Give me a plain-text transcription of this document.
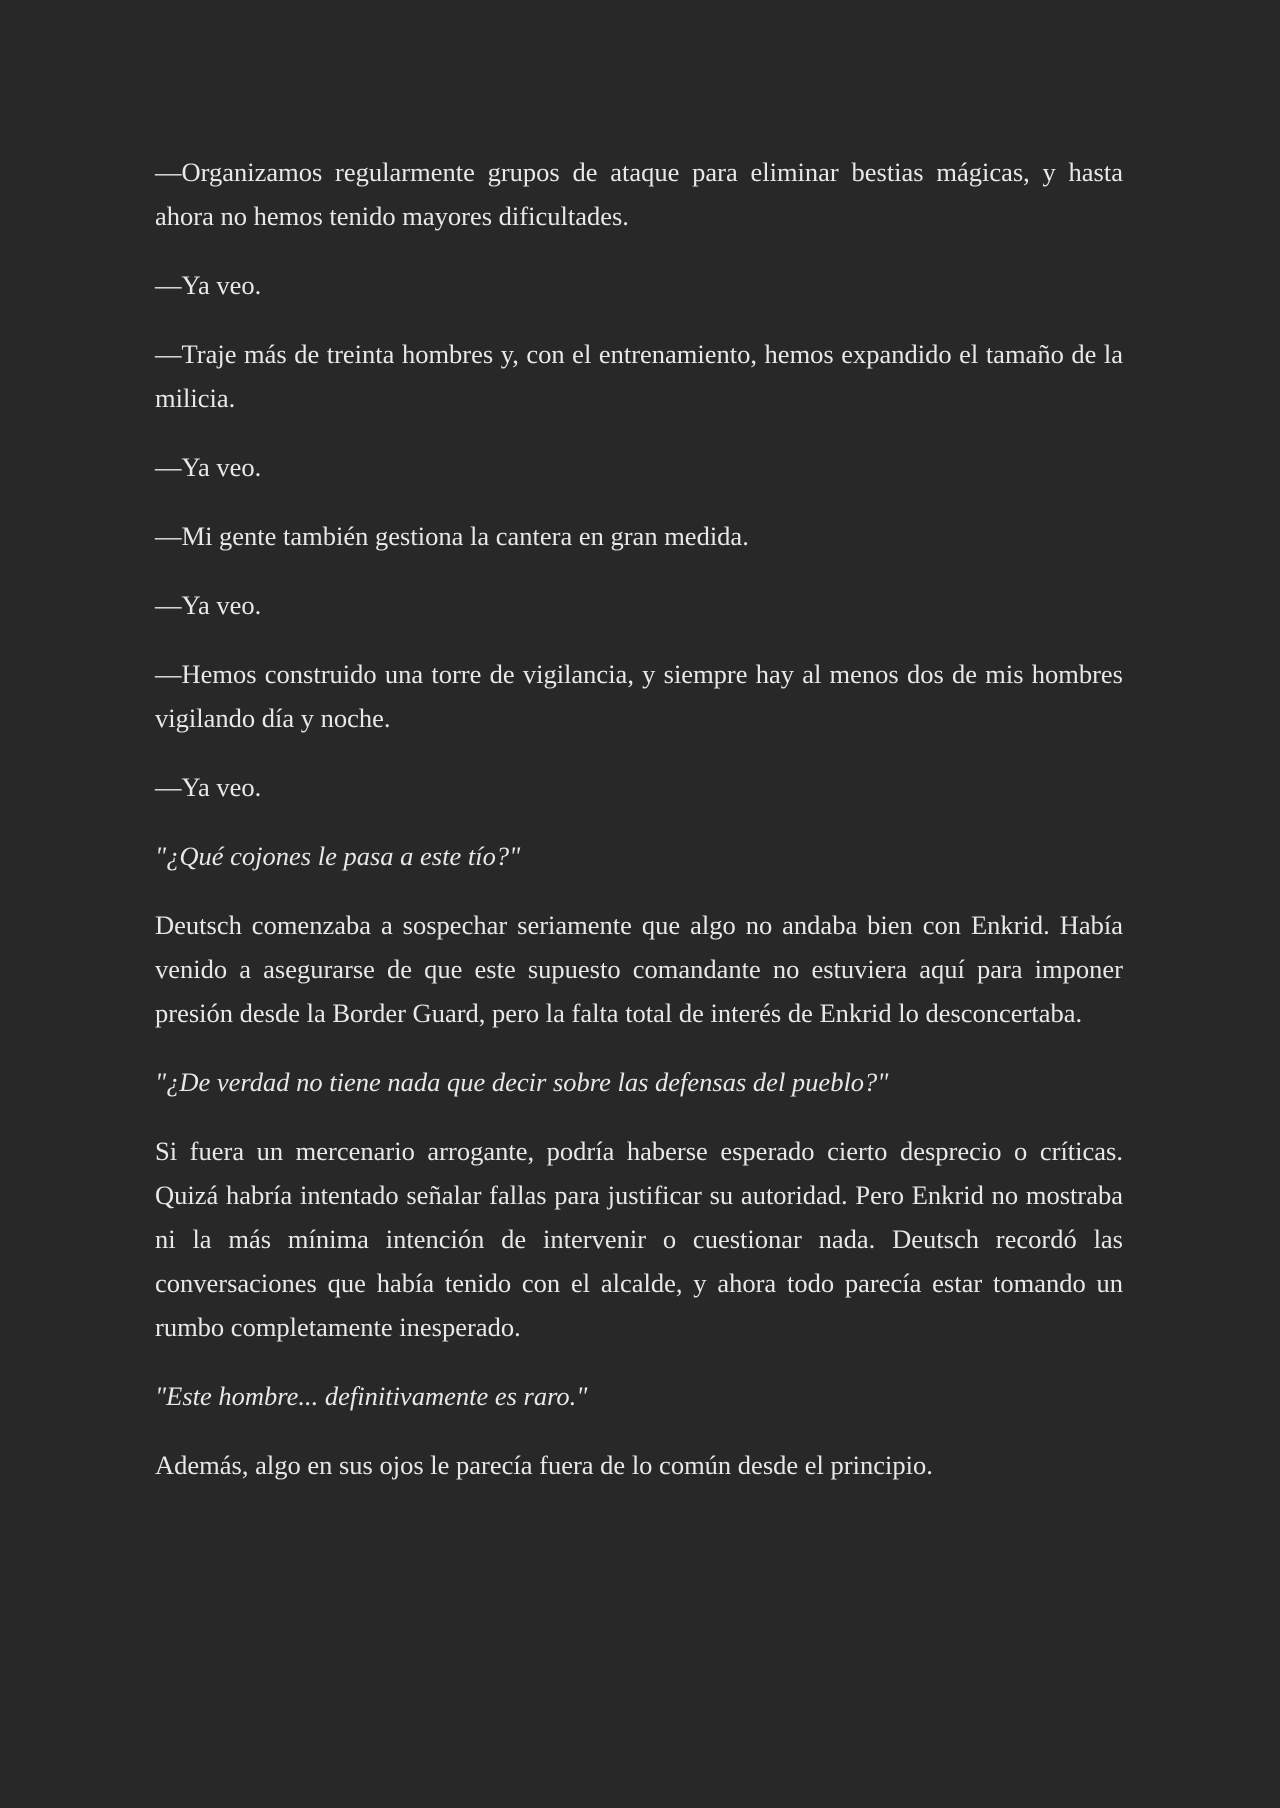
—Organizamos regularmente grupos de ataque para eliminar bestias mágicas, y hasta ahora no hemos tenido mayores dificultades.

—Ya veo.

—Traje más de treinta hombres y, con el entrenamiento, hemos expandido el tamaño de la milicia.

—Ya veo.

—Mi gente también gestiona la cantera en gran medida.

—Ya veo.

—Hemos construido una torre de vigilancia, y siempre hay al menos dos de mis hombres vigilando día y noche.

—Ya veo.

"¿Qué cojones le pasa a este tío?"

Deutsch comenzaba a sospechar seriamente que algo no andaba bien con Enkrid. Había venido a asegurarse de que este supuesto comandante no estuviera aquí para imponer presión desde la Border Guard, pero la falta total de interés de Enkrid lo desconcertaba.

"¿De verdad no tiene nada que decir sobre las defensas del pueblo?"

Si fuera un mercenario arrogante, podría haberse esperado cierto desprecio o críticas. Quizá habría intentado señalar fallas para justificar su autoridad. Pero Enkrid no mostraba ni la más mínima intención de intervenir o cuestionar nada. Deutsch recordó las conversaciones que había tenido con el alcalde, y ahora todo parecía estar tomando un rumbo completamente inesperado.

"Este hombre... definitivamente es raro."

Además, algo en sus ojos le parecía fuera de lo común desde el principio.
